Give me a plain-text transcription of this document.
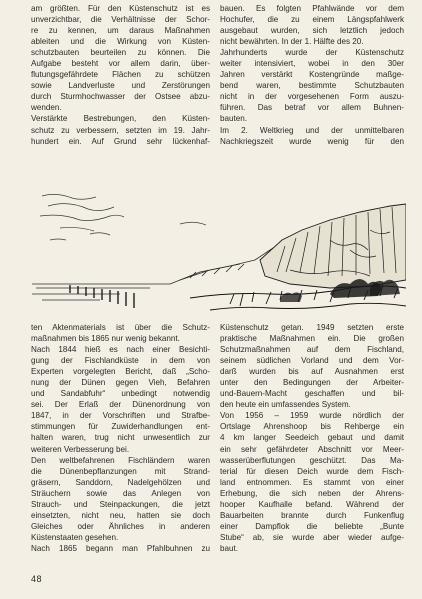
am größten. Für den Küstenschutz ist es
unverzichtbar, die Verhältnisse der Schor-
re zu kennen, um daraus Maßnahmen
ableiten und die Wirkung von Küsten-
schutzbauten beurteilen zu können. Die
Aufgabe besteht vor allem darin, über-
flutungsgefährdete Flächen zu schützen
sowie Landverluste und Zerstörungen
durch Sturmhochwasser der Ostsee abzu-
wenden.
Verstärkte Bestrebungen, den Küsten-
schutz zu verbessern, setzten im 19. Jahr-
hundert ein. Auf Grund sehr lückenhaf-
bauen. Es folgten Pfahlwände vor dem
Hochufer, die zu einem Längspfahlwerk
ausgebaut wurden, sich letztlich jedoch
nicht bewährten. In der 1. Hälfte des 20.
Jahrhunderts wurde der Küstenschutz
weiter intensiviert, wobei in den 30er
Jahren verstärkt Kostengründe maßge-
bend waren, bestimmte Schutzbauten
nicht in der vorgesehenen Form auszu-
führen. Das betraf vor allem Buhnen-
bauten.
Im 2. Weltkrieg und der unmittelbaren
Nachkriegszeit wurde wenig für den
ten Aktenmaterials ist über die Schutz-
maßnahmen bis 1865 nur wenig bekannt.
Nach 1844 hieß es nach einer Besichti-
gung der Fischlandküste in dem von
Experten vorgelegten Bericht, daß „Scho-
nung der Dünen gegen Vieh, Befahren
und Sandabfuhr“ unbedingt notwendig
sei. Der Erlaß der Dünenordnung von
1847, in der Vorschriften und Strafbe-
stimmungen für Zuwiderhandlungen ent-
halten waren, trug nicht unwesentlich zur
weiteren Verbesserung bei.
Den weltbefahrenen Fischländern waren
die Dünenbepflanzungen mit Strand-
gräsern, Sanddorn, Nadelgehölzen und
Sträuchern sowie das Anlegen von
Strauch- und Steinpackungen, die jetzt
einsetzten, nicht neu, hatten sie doch
Gleiches oder Ähnliches in anderen
Küstenstaaten gesehen.
Nach 1865 begann man Pfahlbuhnen zu
Küstenschutz getan. 1949 setzten erste
praktische Maßnahmen ein. Die großen
Schutzmaßnahmen auf dem Fischland,
seinem südlichen Vorland und dem Vor-
darß wurden bis auf Ausnahmen erst
unter den Bedingungen der Arbeiter-
und-Bauern-Macht geschaffen und bil-
den heute ein umfassendes System.
Von 1956 – 1959 wurde nördlich der
Ortslage Ahrenshoop bis Rehberge ein
4 km langer Seedeich gebaut und damit
ein sehr gefährdeter Abschnitt vor Meer-
wasserüberflutungen geschützt. Das Ma-
terial für diesen Deich wurde dem Fisch-
land entnommen. Es stammt von einer
Erhebung, die sich neben der Ahrens-
hooper Kaufhalle befand. Während der
Bauarbeiten brannte durch Funkenflug
einer Dampflok die beliebte „Bunte
Stube“ ab, sie wurde aber wieder aufge-
baut.
48
